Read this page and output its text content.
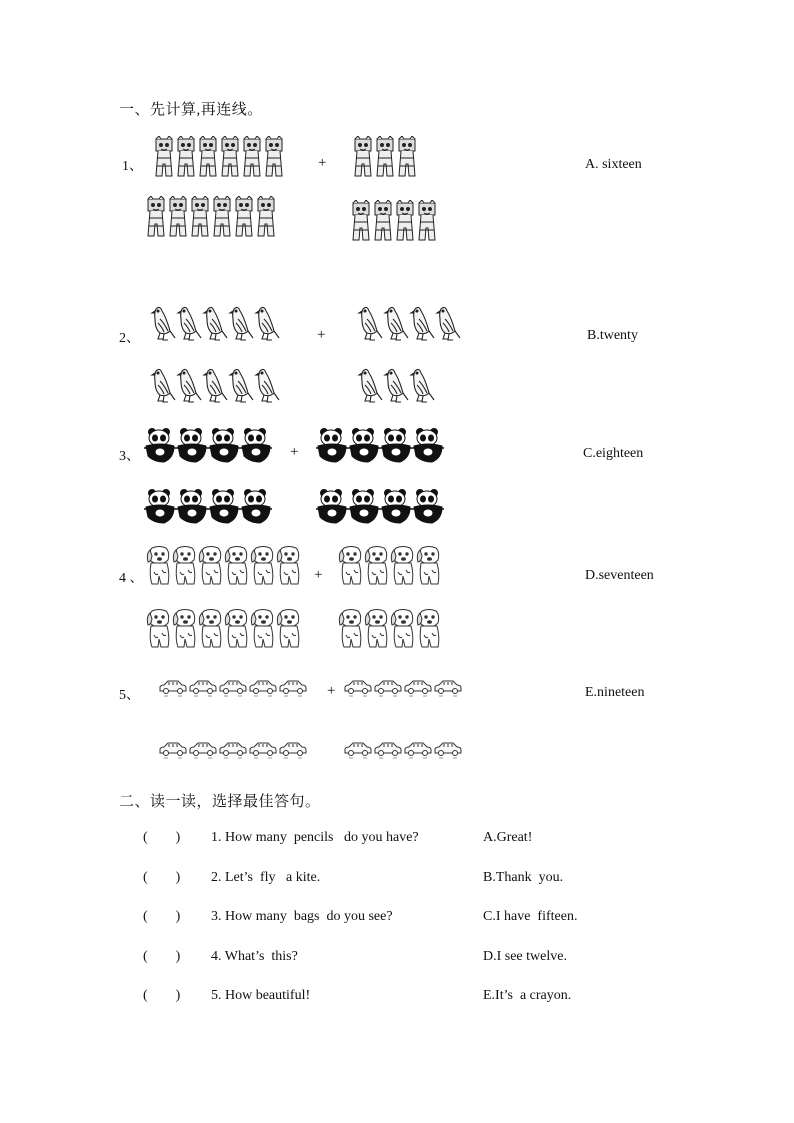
一、先计算,再连线。
1、
2、
3、
4 、
5、
+
+
+
+
+
A. sixteen
B.twenty
C.eighteen
D.seventeen
E.nineteen
二、读一读，选择最佳答句。
(        ) 1. How many  pencils   do you have?	A.Great!
(        ) 2. Let’s  fly   a kite.	B.Thank  you.
(        ) 3. How many  bags  do you see?	C.I have  fifteen.
(        ) 4. What’s  this?	D.I see twelve.
(        ) 5. How beautiful!	E.It’s  a crayon.
